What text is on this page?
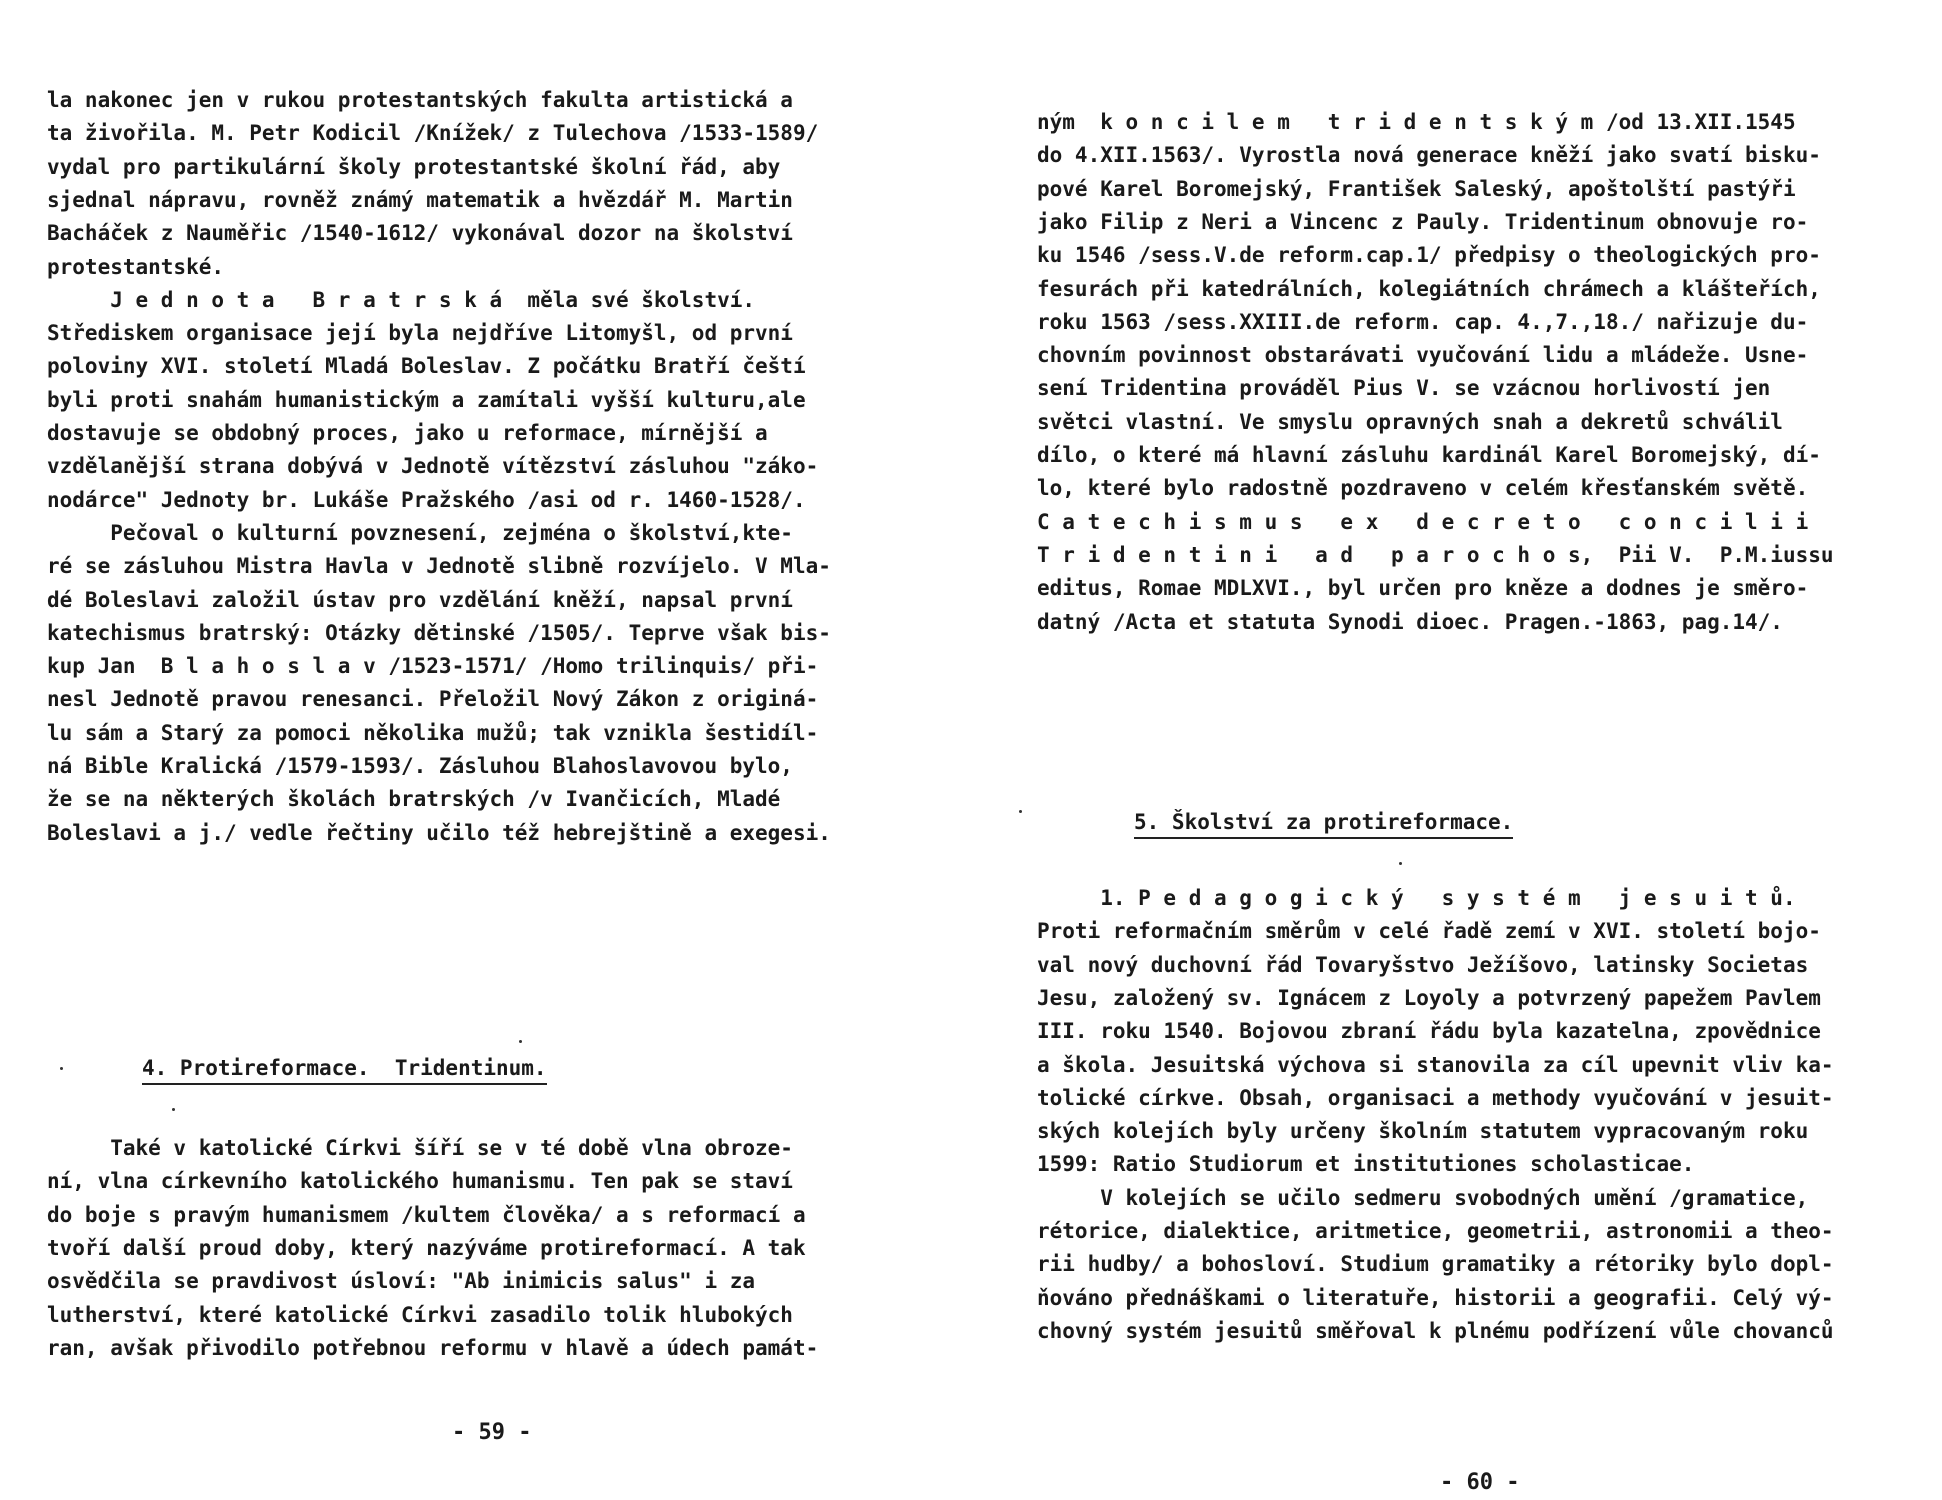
la nakonec jen v rukou protestantských fakulta artistická a
ta živořila. M. Petr Kodicil /Knížek/ z Tulechova /1533-1589/
vydal pro partikulární školy protestantské školní řád, aby
sjednal nápravu, rovněž známý matematik a hvězdář M. Martin
Bacháček z Nauměřic /1540-1612/ vykonával dozor na školství
protestantské.
J e d n o t a   B r a t r s k á  měla své školství.
Střediskem organisace její byla nejdříve Litomyšl, od první
poloviny XVI. století Mladá Boleslav. Z počátku Bratří čeští
byli proti snahám humanistickým a zamítali vyšší kulturu,ale
dostavuje se obdobný proces, jako u reformace, mírnější a
vzdělanější strana dobývá v Jednotě vítězství zásluhou "záko-
nodárce" Jednoty br. Lukáše Pražského /asi od r. 1460-1528/.
Pečoval o kulturní povznesení, zejména o školství,kte-
ré se zásluhou Mistra Havla v Jednotě slibně rozvíjelo. V Mla-
dé Boleslavi založil ústav pro vzdělání kněží, napsal první
katechismus bratrský: Otázky dětinské /1505/. Teprve však bis-
kup Jan  B l a h o s l a v /1523-1571/ /Homo trilinquis/ při-
nesl Jednotě pravou renesanci. Přeložil Nový Zákon z originá-
lu sám a Starý za pomoci několika mužů; tak vznikla šestidíl-
ná Bible Kralická /1579-1593/. Zásluhou Blahoslavovou bylo,
že se na některých školách bratrských /v Ivančicích, Mladé
Boleslavi a j./ vedle řečtiny učilo též hebrejštině a exegesi.
4. Protireformace.  Tridentinum.
Také v katolické Církvi šíří se v té době vlna obroze-
ní, vlna církevního katolického humanismu. Ten pak se staví
do boje s pravým humanismem /kultem člověka/ a s reformací a
tvoří další proud doby, který nazýváme protireformací. A tak
osvědčila se pravdivost úsloví: "Ab inimicis salus" i za
lutherství, které katolické Církvi zasadilo tolik hlubokých
ran, avšak přivodilo potřebnou reformu v hlavě a údech památ-
- 59 -
ným  k o n c i l e m   t r i d e n t s k ý m /od 13.XII.1545
do 4.XII.1563/. Vyrostla nová generace kněží jako svatí bisku-
pové Karel Boromejský, František Saleský, apoštolští pastýři
jako Filip z Neri a Vincenc z Pauly. Tridentinum obnovuje ro-
ku 1546 /sess.V.de reform.cap.1/ předpisy o theologických pro-
fesurách při katedrálních, kolegiátních chrámech a klášteřích,
roku 1563 /sess.XXIII.de reform. cap. 4.,7.,18./ nařizuje du-
chovním povinnost obstarávati vyučování lidu a mládeže. Usne-
sení Tridentina prováděl Pius V. se vzácnou horlivostí jen
světci vlastní. Ve smyslu opravných snah a dekretů schválil
dílo, o které má hlavní zásluhu kardinál Karel Boromejský, dí-
lo, které bylo radostně pozdraveno v celém křesťanském světě.
C a t e c h i s m u s   e x   d e c r e t o   c o n c i l i i
T r i d e n t i n i   a d   p a r o c h o s,  Pii V.  P.M.iussu
editus, Romae MDLXVI., byl určen pro kněze a dodnes je směro-
datný /Acta et statuta Synodi dioec. Pragen.-1863, pag.14/.
5. Školství za protireformace.
1. P e d a g o g i c k ý   s y s t é m   j e s u i t ů.
Proti reformačním směrům v celé řadě zemí v XVI. století bojo-
val nový duchovní řád Tovaryšstvo Ježíšovo, latinsky Societas
Jesu, založený sv. Ignácem z Loyoly a potvrzený papežem Pavlem
III. roku 1540. Bojovou zbraní řádu byla kazatelna, zpovědnice
a škola. Jesuitská výchova si stanovila za cíl upevnit vliv ka-
tolické církve. Obsah, organisaci a methody vyučování v jesuit-
ských kolejích byly určeny školním statutem vypracovaným roku
1599: Ratio Studiorum et institutiones scholasticae.
V kolejích se učilo sedmeru svobodných umění /gramatice,
rétorice, dialektice, aritmetice, geometrii, astronomii a theo-
rii hudby/ a bohosloví. Studium gramatiky a rétoriky bylo dopl-
ňováno přednáškami o literatuře, historii a geografii. Celý vý-
chovný systém jesuitů směřoval k plnému podřízení vůle chovanců
- 60 -
